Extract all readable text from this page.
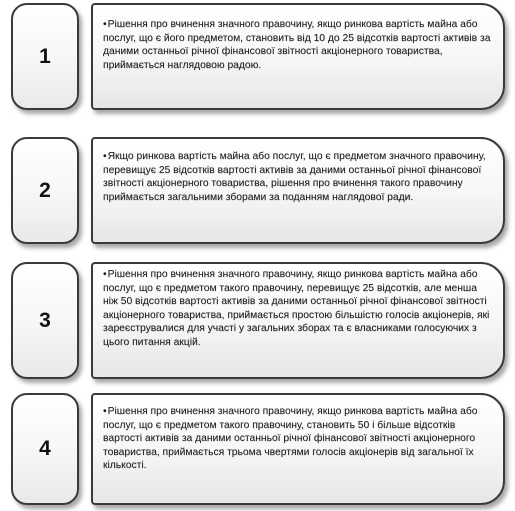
1

•Рішення про вчинення значного правочину, якщо ринкова вартість майна або послуг, що є його предметом, становить від 10 до 25 відсотків вартості активів за даними останньої річної фінансової звітності акціонерного товариства, приймається наглядовою радою.

2

•Якщо ринкова вартість майна або послуг, що є предметом значного правочину, перевищує 25 відсотків вартості активів за даними останньої річної фінансової звітності акціонерного товариства, рішення про вчинення такого правочину приймається загальними зборами за поданням наглядової ради.

3

•Рішення про вчинення значного правочину, якщо ринкова вартість майна або послуг, що є предметом такого правочину, перевищує 25 відсотків, але менша ніж 50 відсотків вартості активів за даними останньої річної фінансової звітності акціонерного товариства, приймається простою більшістю голосів акціонерів, які зареєструвалися для участі у загальних зборах та є власниками голосуючих з цього питання акцій.

4

•Рішення про вчинення значного правочину, якщо ринкова вартість майна або послуг, що є предметом такого правочину, становить 50 і більше відсотків вартості активів за даними останньої річної фінансової звітності акціонерного товариства, приймається трьома чвертями голосів акціонерів від загальної їх кількості.
